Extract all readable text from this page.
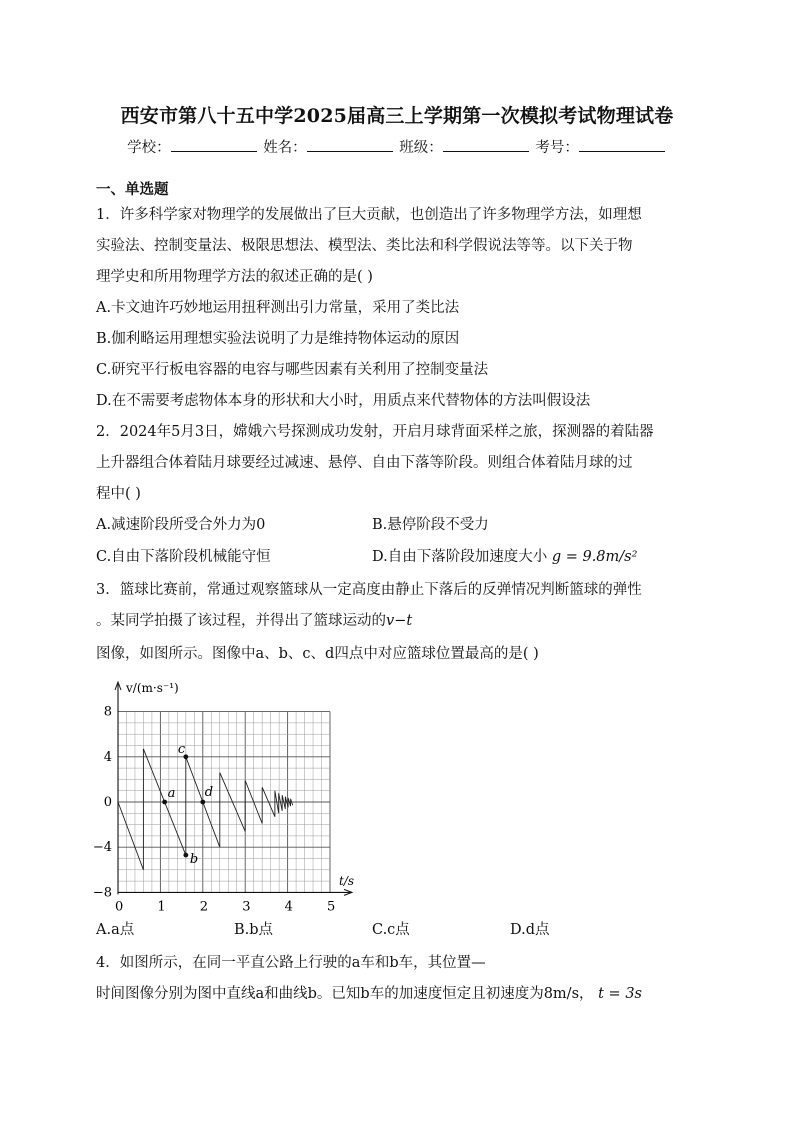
西安市第八十五中学2025届高三上学期第一次模拟考试物理试卷
学校：	姓名：	班级：	考号：
一、单选题
1．许多科学家对物理学的发展做出了巨大贡献，也创造出了许多物理学方法，如理想
实验法、控制变量法、极限思想法、模型法、类比法和科学假说法等等。以下关于物
理学史和所用物理学方法的叙述正确的是( )
A.卡文迪许巧妙地运用扭秤测出引力常量，采用了类比法
B.伽利略运用理想实验法说明了力是维持物体运动的原因
C.研究平行板电容器的电容与哪些因素有关利用了控制变量法
D.在不需要考虑物体本身的形状和大小时，用质点来代替物体的方法叫假设法
2．2024年5月3日，嫦娥六号探测成功发射，开启月球背面采样之旅，探测器的着陆器
上升器组合体着陆月球要经过减速、悬停、自由下落等阶段。则组合体着陆月球的过
程中( )
A.减速阶段所受合外力为0	B.悬停阶段不受力
C.自由下落阶段机械能守恒	D.自由下落阶段加速度大小 g = 9.8m/s²
3．篮球比赛前，常通过观察篮球从一定高度由静止下落后的反弹情况判断篮球的弹性
。某同学拍摄了该过程，并得出了篮球运动的v−t
图像，如图所示。图像中a、b、c、d四点中对应篮球位置最高的是( )
0	1	2	3	4	5
8
4
0
−4
−8
a
b
c
d
v/(m·s⁻¹)
t/s
A.a点	B.b点	C.c点	D.d点
4．如图所示，在同一平直公路上行驶的a车和b车，其位置—
时间图像分别为图中直线a和曲线b。已知b车的加速度恒定且初速度为8m/s， t = 3s
